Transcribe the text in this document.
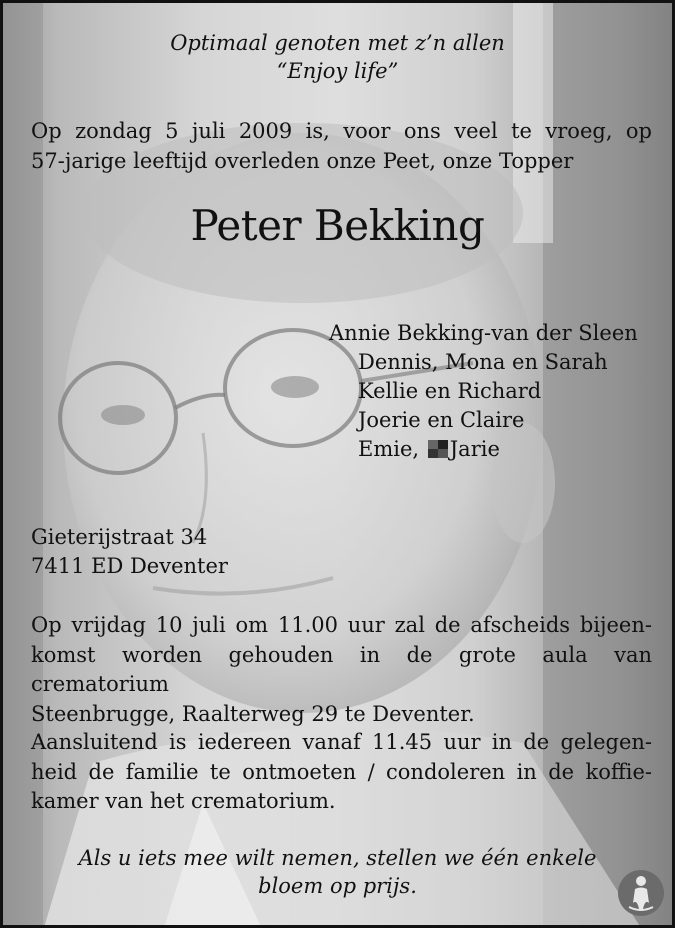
Optimaal genoten met z’n allen
“Enjoy life”
Op zondag 5 juli 2009 is, voor ons veel te vroeg, op
57-jarige leeftijd overleden onze Peet, onze Topper
Peter Bekking
Annie Bekking-van der Sleen
Dennis, Mona en Sarah
Kellie en Richard
Joerie en Claire
Emie, Jarie
Gieterijstraat 34
7411 ED Deventer
Op vrijdag 10 juli om 11.00 uur zal de afscheids bijeen-
komst worden gehouden in de grote aula van crematorium
Steenbrugge, Raalterweg 29 te Deventer.
Aansluitend is iedereen vanaf 11.45 uur in de gelegen-
heid de familie te ontmoeten / condoleren in de koffie-
kamer van het crematorium.
Als u iets mee wilt nemen, stellen we één enkele
bloem op prijs.
